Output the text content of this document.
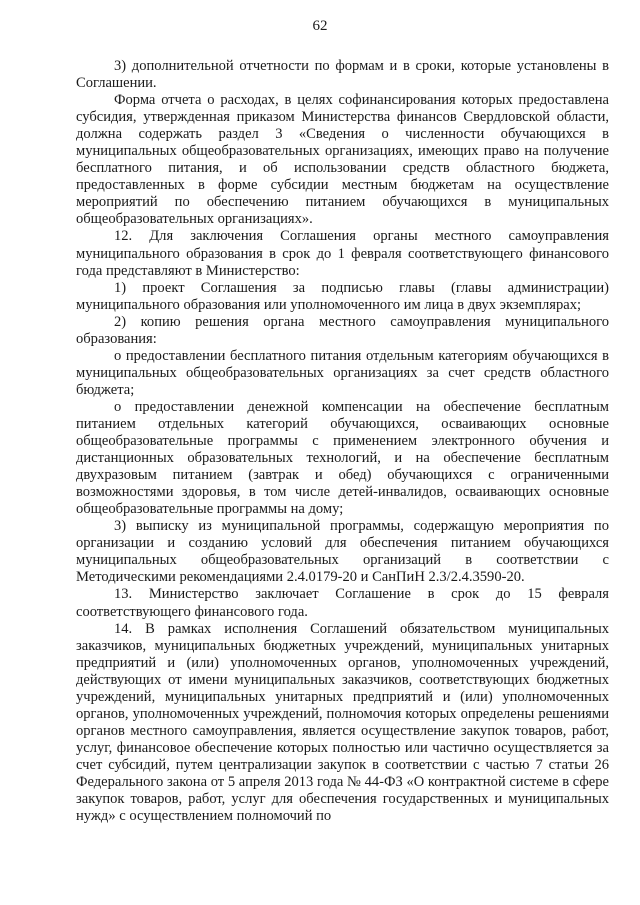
62

3) дополнительной отчетности по формам и в сроки, которые установлены в Соглашении.

Форма отчета о расходах, в целях софинансирования которых предоставлена субсидия, утвержденная приказом Министерства финансов Свердловской области, должна содержать раздел 3 «Сведения о численности обучающихся в муниципальных общеобразовательных организациях, имеющих право на получение бесплатного питания, и об использовании средств областного бюджета, предоставленных в форме субсидии местным бюджетам на осуществление мероприятий по обеспечению питанием обучающихся в муниципальных общеобразовательных организациях».

12. Для заключения Соглашения органы местного самоуправления муниципального образования в срок до 1 февраля соответствующего финансового года представляют в Министерство:

1) проект Соглашения за подписью главы (главы администрации) муниципального образования или уполномоченного им лица в двух экземплярах;

2) копию решения органа местного самоуправления муниципального образования:

о предоставлении бесплатного питания отдельным категориям обучающихся в муниципальных общеобразовательных организациях за счет средств областного бюджета;

о предоставлении денежной компенсации на обеспечение бесплатным питанием отдельных категорий обучающихся, осваивающих основные общеобразовательные программы с применением электронного обучения и дистанционных образовательных технологий, и на обеспечение бесплатным двухразовым питанием (завтрак и обед) обучающихся с ограниченными возможностями здоровья, в том числе детей-инвалидов, осваивающих основные общеобразовательные программы на дому;

3) выписку из муниципальной программы, содержащую мероприятия по организации и созданию условий для обеспечения питанием обучающихся муниципальных общеобразовательных организаций в соответствии с Методическими рекомендациями 2.4.0179-20 и СанПиН 2.3/2.4.3590-20.

13. Министерство заключает Соглашение в срок до 15 февраля соответствующего финансового года.

14. В рамках исполнения Соглашений обязательством муниципальных заказчиков, муниципальных бюджетных учреждений, муниципальных унитарных предприятий и (или) уполномоченных органов, уполномоченных учреждений, действующих от имени муниципальных заказчиков, соответствующих бюджетных учреждений, муниципальных унитарных предприятий и (или) уполномоченных органов, уполномоченных учреждений, полномочия которых определены решениями органов местного самоуправления, является осуществление закупок товаров, работ, услуг, финансовое обеспечение которых полностью или частично осуществляется за счет субсидий, путем централизации закупок в соответствии с частью 7 статьи 26 Федерального закона от 5 апреля 2013 года № 44-ФЗ «О контрактной системе в сфере закупок товаров, работ, услуг для обеспечения государственных и муниципальных нужд» с осуществлением полномочий по
